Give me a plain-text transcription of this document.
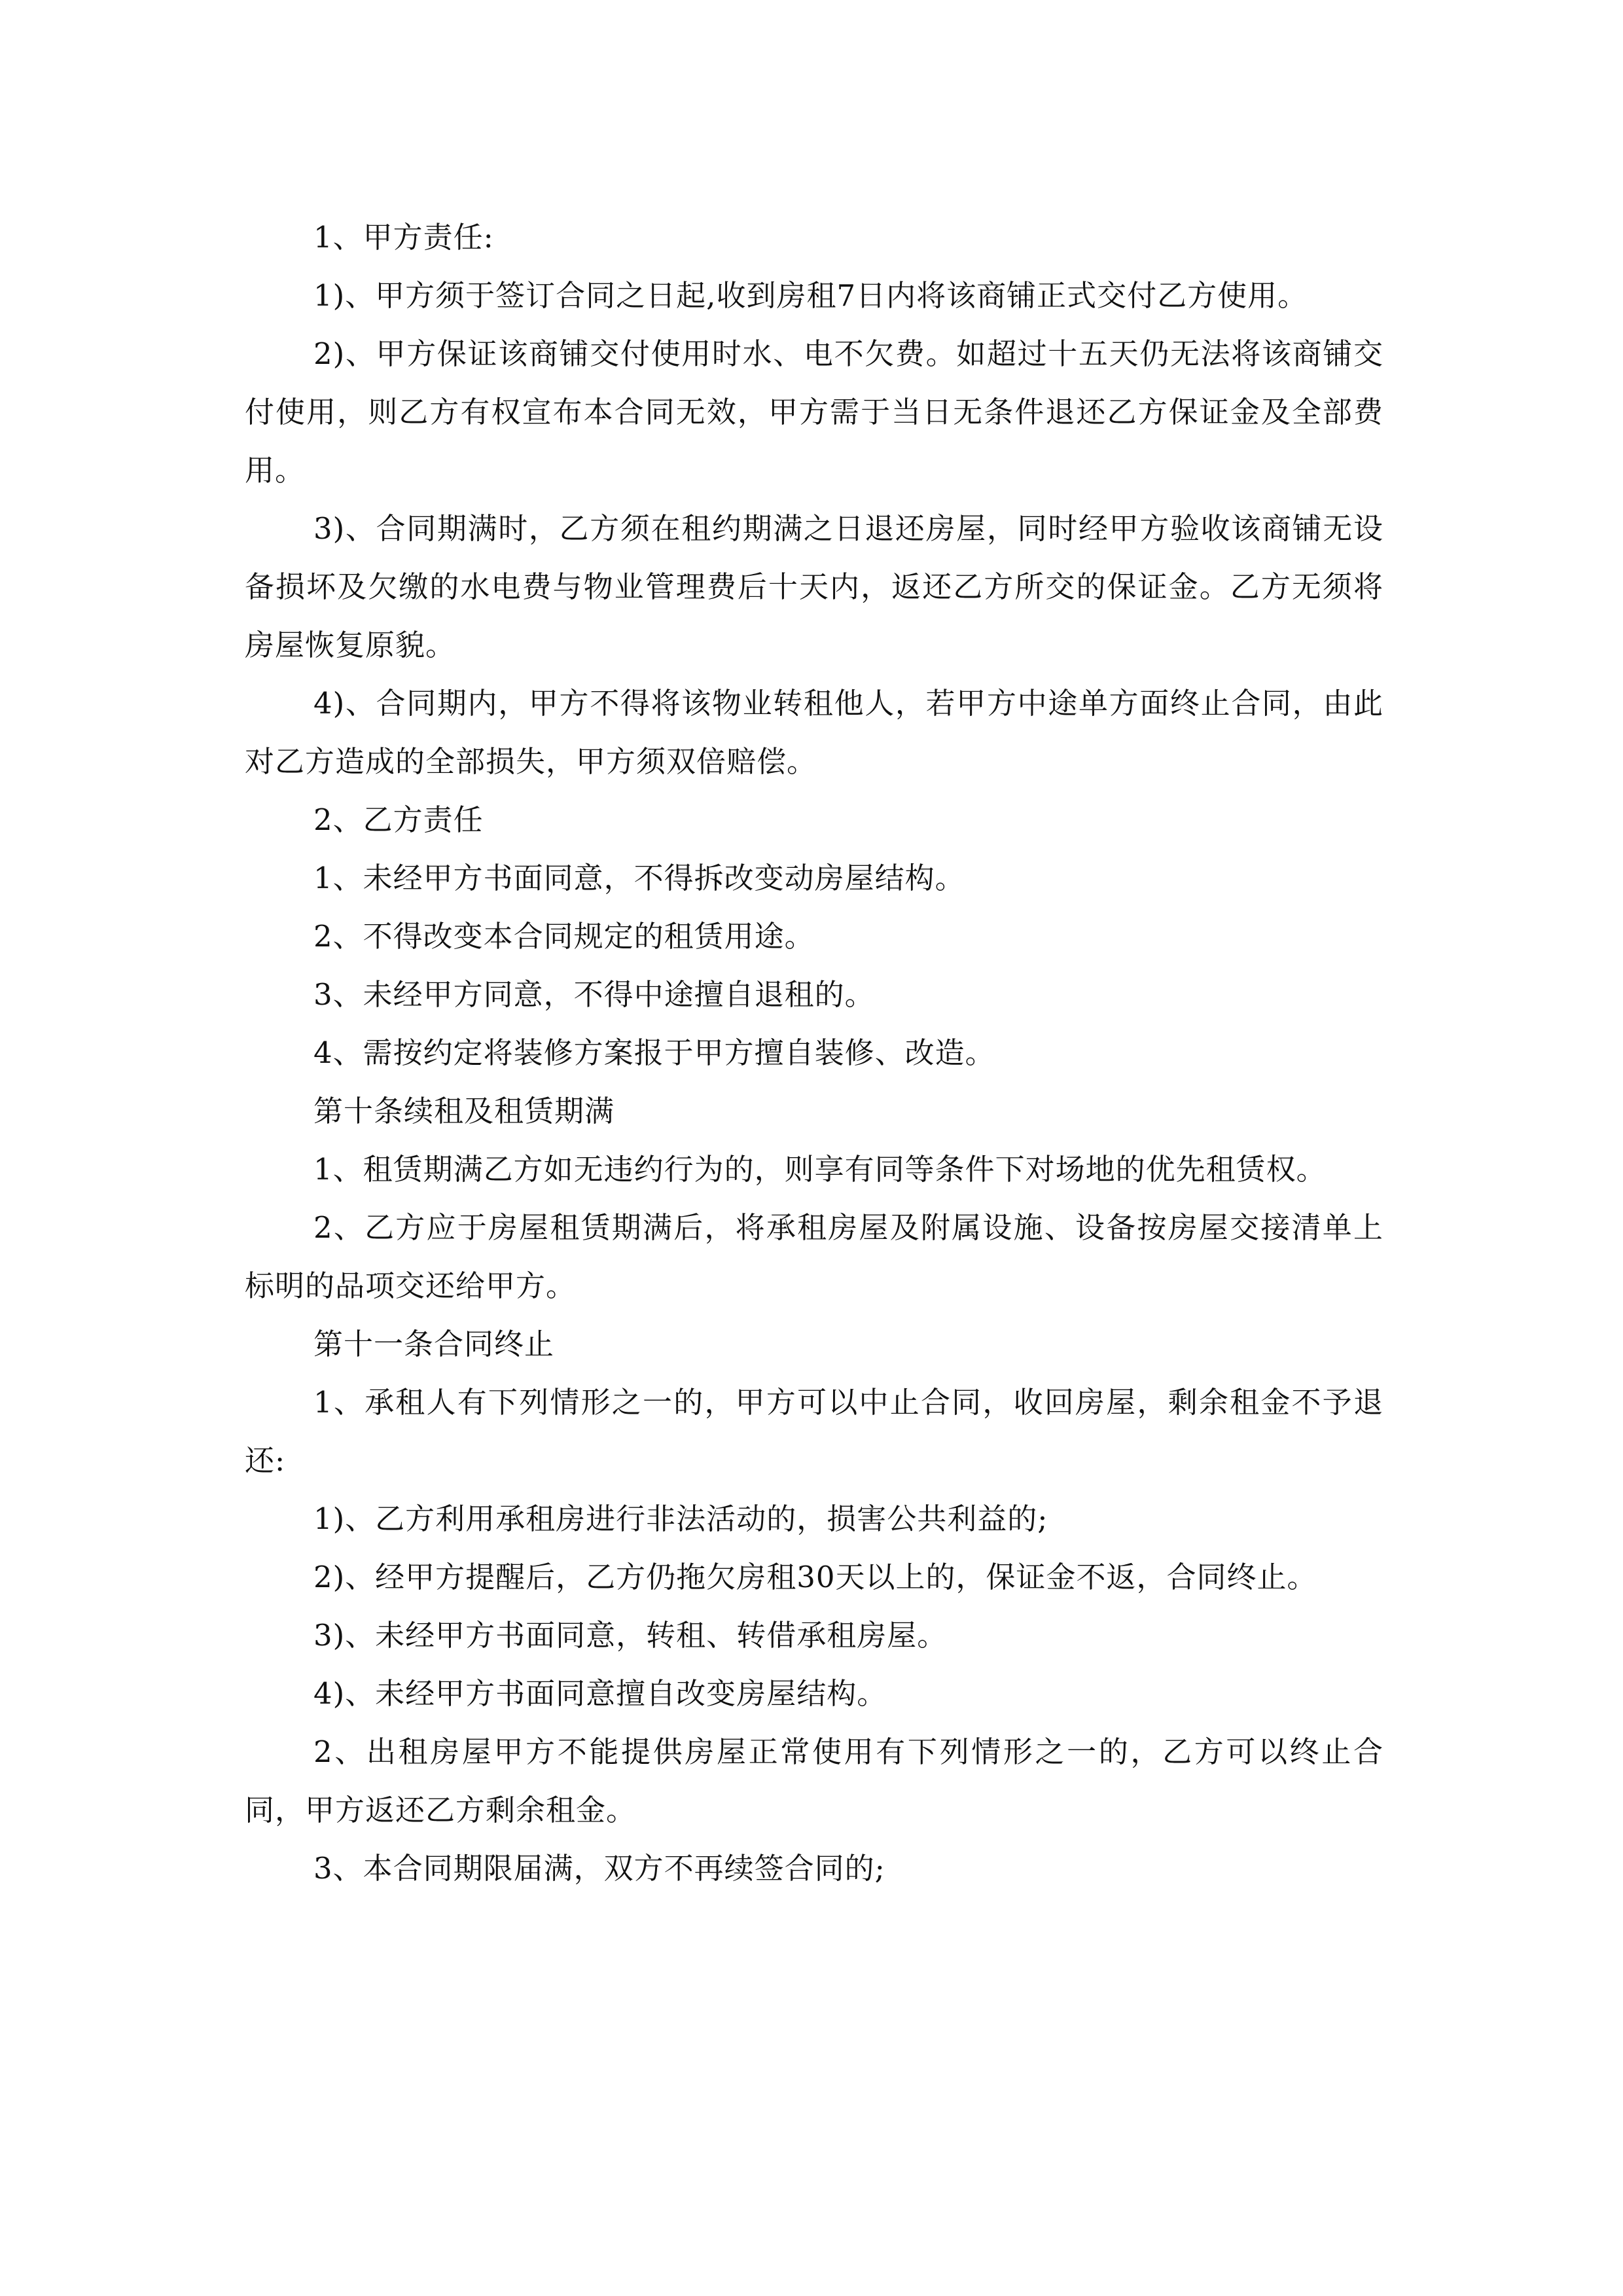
1、甲方责任:

1)、甲方须于签订合同之日起,收到房租7日内将该商铺正式交付乙方使用。

2)、甲方保证该商铺交付使用时水、电不欠费。如超过十五天仍无法将该商铺交付使用，则乙方有权宣布本合同无效，甲方需于当日无条件退还乙方保证金及全部费用。

3)、合同期满时，乙方须在租约期满之日退还房屋，同时经甲方验收该商铺无设备损坏及欠缴的水电费与物业管理费后十天内，返还乙方所交的保证金。乙方无须将房屋恢复原貌。

4)、合同期内，甲方不得将该物业转租他人，若甲方中途单方面终止合同，由此对乙方造成的全部损失，甲方须双倍赔偿。

2、乙方责任

1、未经甲方书面同意，不得拆改变动房屋结构。

2、不得改变本合同规定的租赁用途。

3、未经甲方同意，不得中途擅自退租的。

4、需按约定将装修方案报于甲方擅自装修、改造。

第十条续租及租赁期满

1、租赁期满乙方如无违约行为的，则享有同等条件下对场地的优先租赁权。

2、乙方应于房屋租赁期满后，将承租房屋及附属设施、设备按房屋交接清单上标明的品项交还给甲方。

第十一条合同终止

1、承租人有下列情形之一的，甲方可以中止合同，收回房屋，剩余租金不予退还:

1)、乙方利用承租房进行非法活动的，损害公共利益的;

2)、经甲方提醒后，乙方仍拖欠房租30天以上的，保证金不返，合同终止。

3)、未经甲方书面同意，转租、转借承租房屋。

4)、未经甲方书面同意擅自改变房屋结构。

2、出租房屋甲方不能提供房屋正常使用有下列情形之一的，乙方可以终止合同，甲方返还乙方剩余租金。

3、本合同期限届满，双方不再续签合同的;
